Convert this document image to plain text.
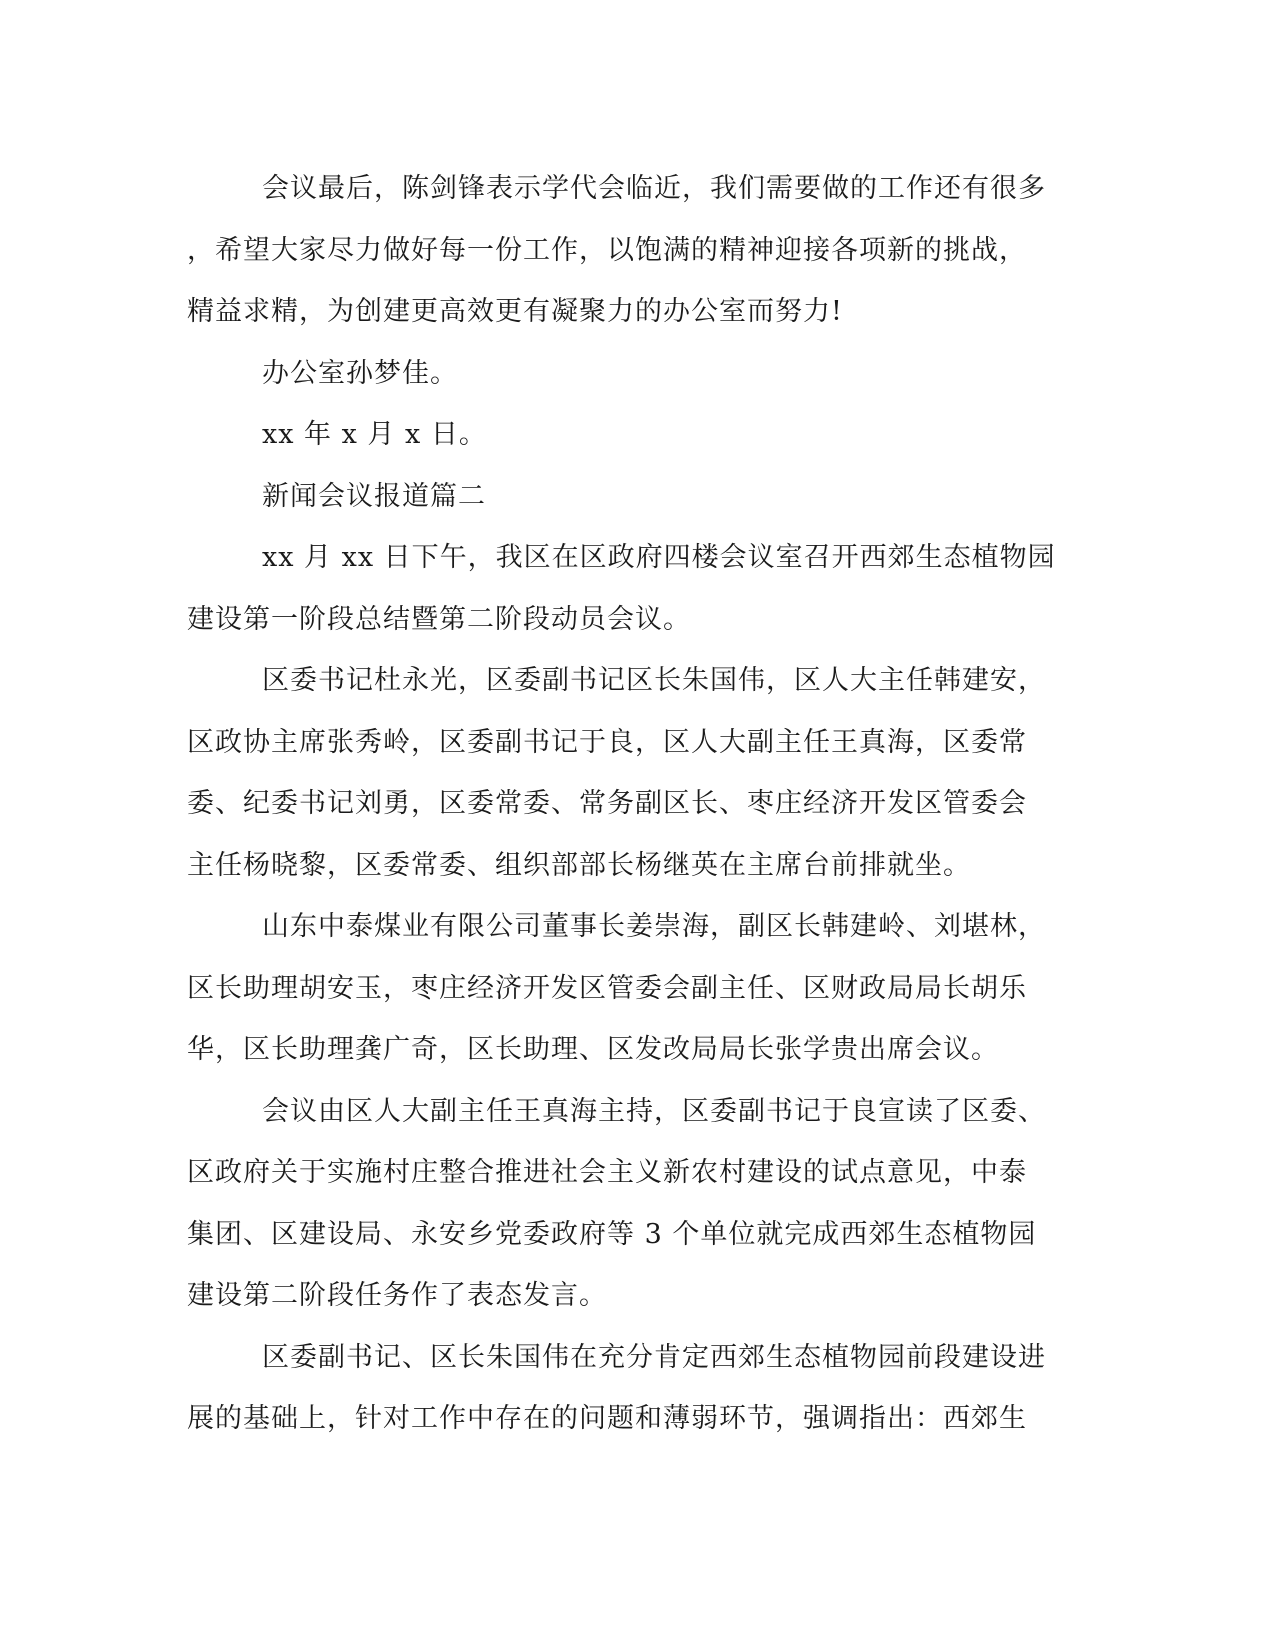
会议最后，陈剑锋表示学代会临近，我们需要做的工作还有很多
，希望大家尽力做好每一份工作，以饱满的精神迎接各项新的挑战，
精益求精，为创建更高效更有凝聚力的办公室而努力!
办公室孙梦佳。
xx 年 x 月 x 日。
新闻会议报道篇二
xx 月 xx 日下午，我区在区政府四楼会议室召开西郊生态植物园
建设第一阶段总结暨第二阶段动员会议。
区委书记杜永光，区委副书记区长朱国伟，区人大主任韩建安，
区政协主席张秀岭，区委副书记于良，区人大副主任王真海，区委常
委、纪委书记刘勇，区委常委、常务副区长、枣庄经济开发区管委会
主任杨晓黎，区委常委、组织部部长杨继英在主席台前排就坐。
山东中泰煤业有限公司董事长姜崇海，副区长韩建岭、刘堪林，
区长助理胡安玉，枣庄经济开发区管委会副主任、区财政局局长胡乐
华，区长助理龚广奇，区长助理、区发改局局长张学贵出席会议。
会议由区人大副主任王真海主持，区委副书记于良宣读了区委、
区政府关于实施村庄整合推进社会主义新农村建设的试点意见，中泰
集团、区建设局、永安乡党委政府等 3 个单位就完成西郊生态植物园
建设第二阶段任务作了表态发言。
区委副书记、区长朱国伟在充分肯定西郊生态植物园前段建设进
展的基础上，针对工作中存在的问题和薄弱环节，强调指出：西郊生
